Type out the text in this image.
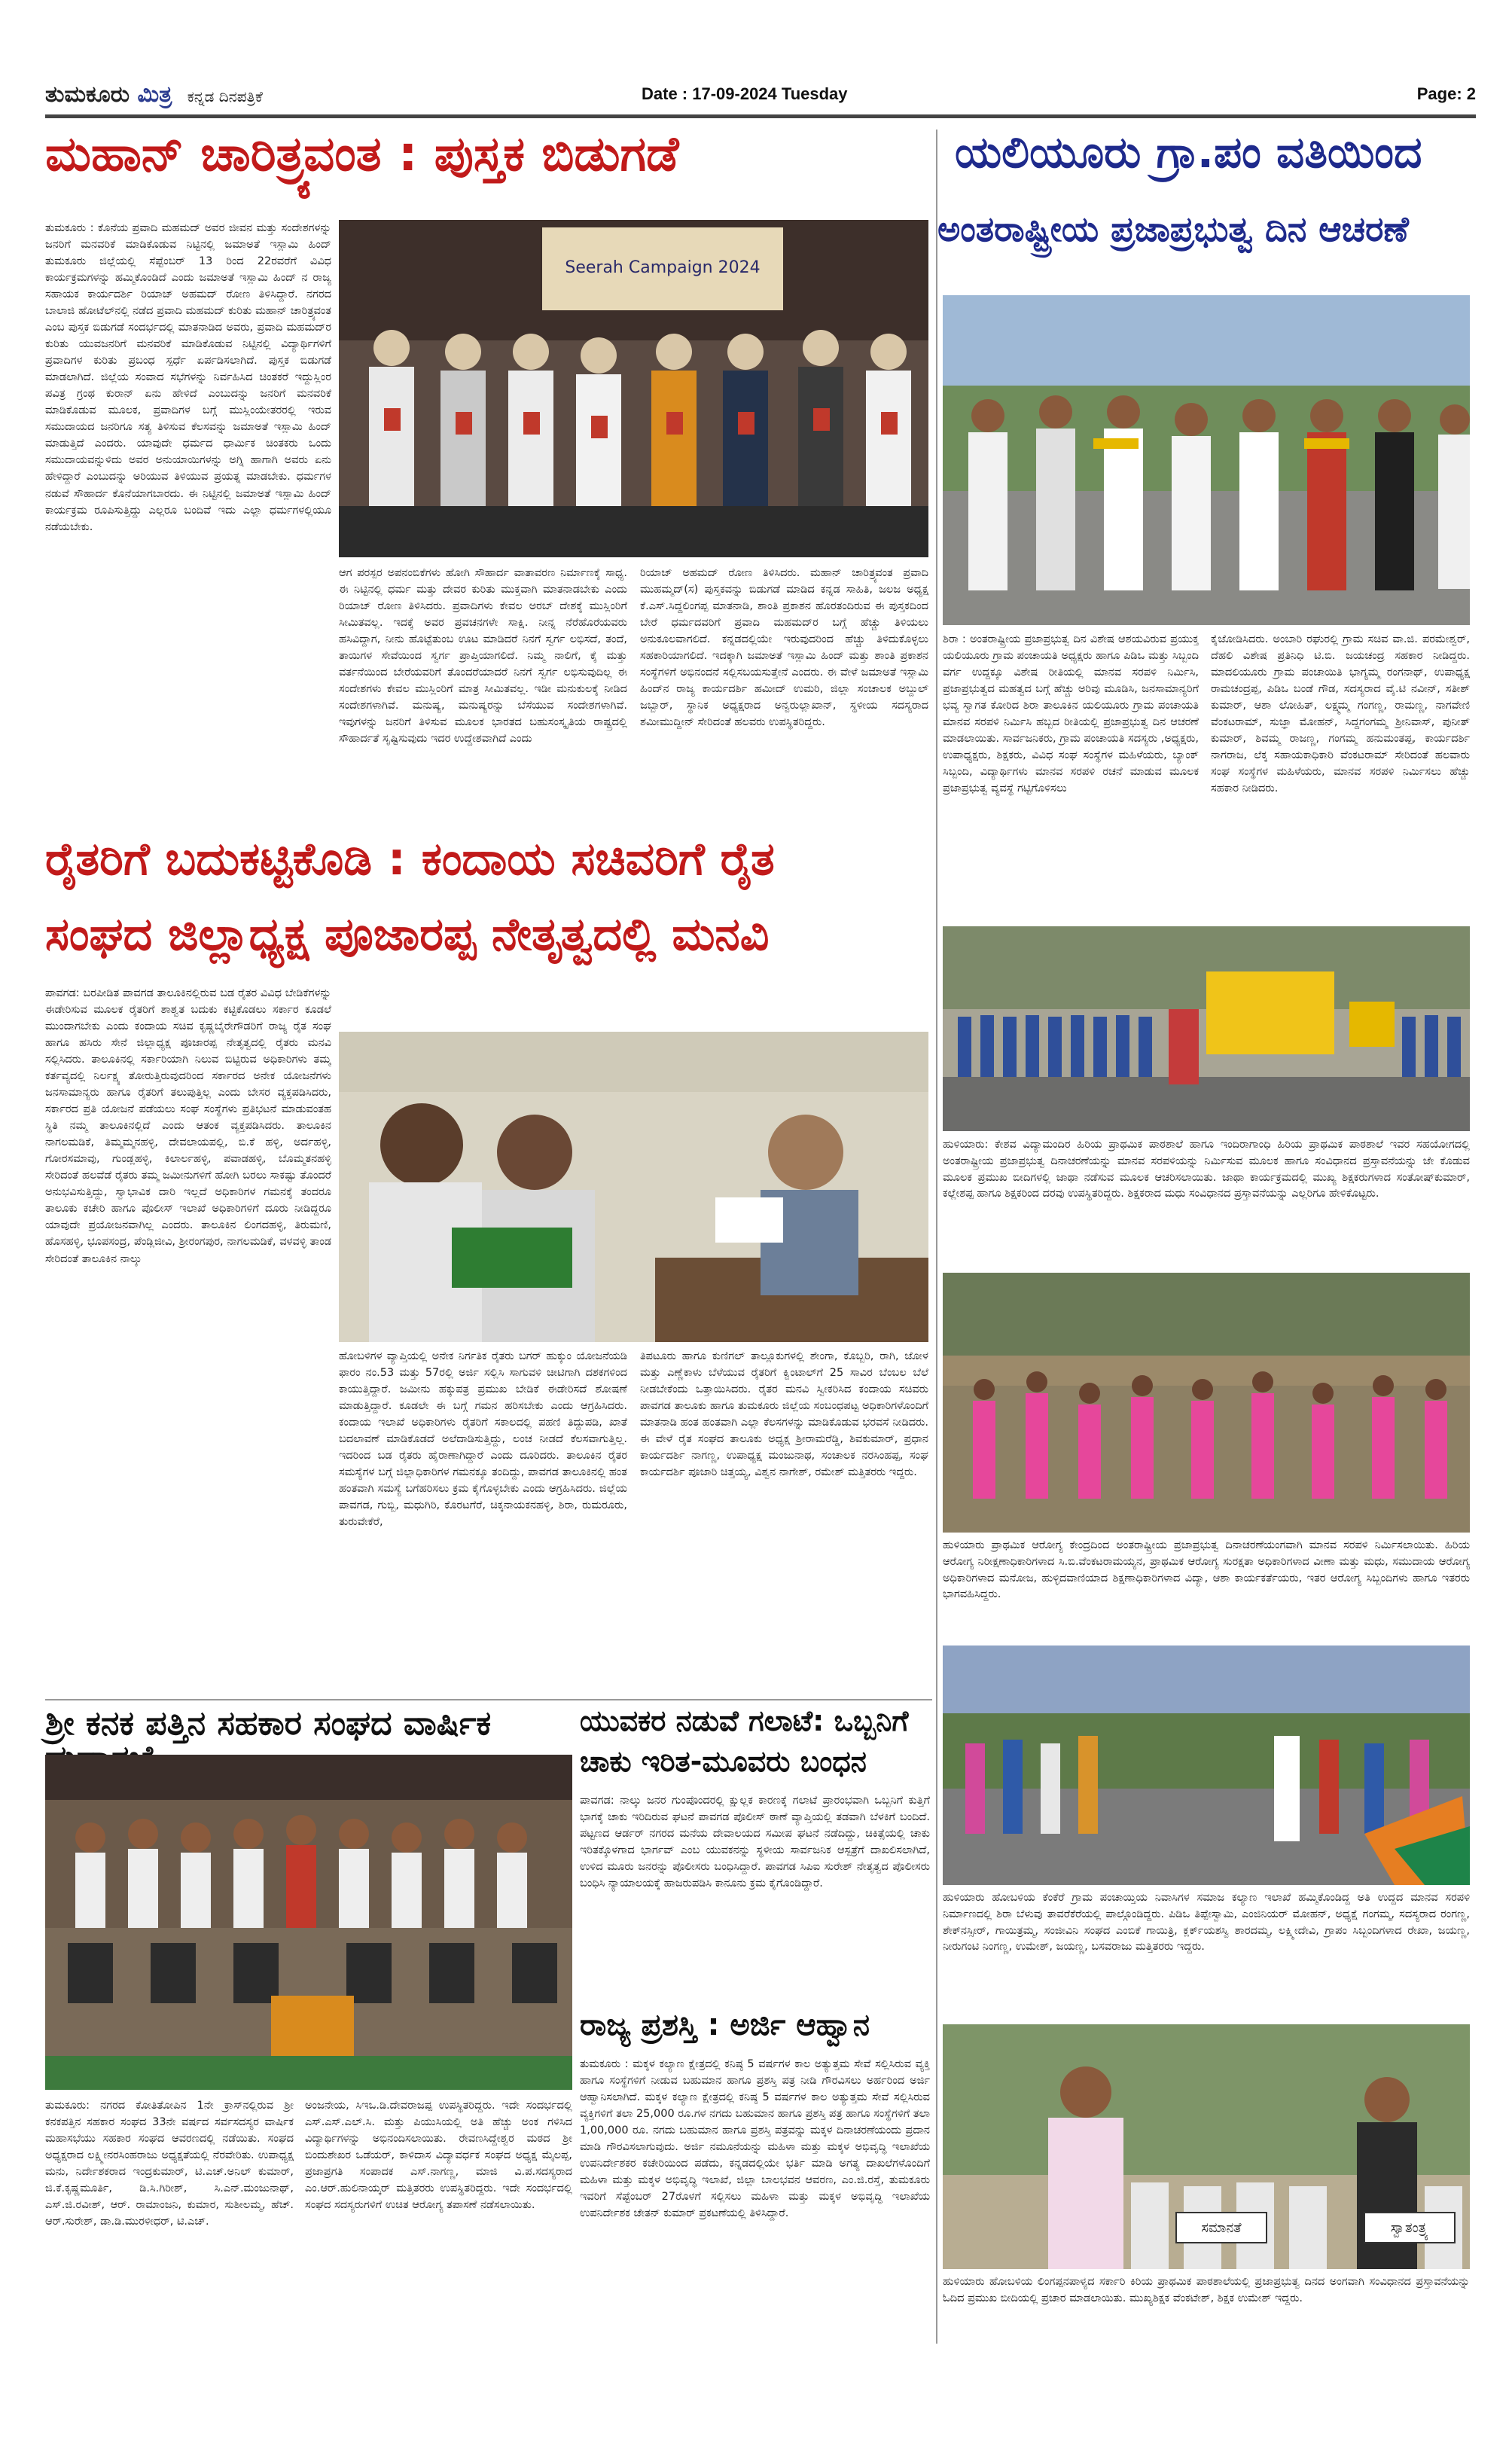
ತುಮಕೂರು ಮಿತ್ರ ಕನ್ನಡ ದಿನಪತ್ರಿಕೆ	Date : 17-09-2024 Tuesday	Page: 2
ಮಹಾನ್ ಚಾರಿತ್ರ್ಯವಂತ : ಪುಸ್ತಕ ಬಿಡುಗಡೆ
ತುಮಕೂರು : ಕೊನೆಯ ಪ್ರವಾದಿ ಮಹಮದ್ ಅವರ ಜೀವನ ಮತ್ತು ಸಂದೇಶಗಳನ್ನು ಜನರಿಗೆ ಮನವರಿಕೆ ಮಾಡಿಕೊಡುವ ನಿಟ್ಟಿನಲ್ಲಿ ಜಮಾಅತೆ ಇಸ್ಲಾಮಿ ಹಿಂದ್ ತುಮಕೂರು ಜಿಲ್ಲೆಯಲ್ಲಿ ಸೆಪ್ಟೆಂಬರ್ 13 ರಿಂದ 22ರವರೆಗೆ ವಿವಿಧ ಕಾರ್ಯಕ್ರಮಗಳನ್ನು ಹಮ್ಮಿಕೊಂಡಿದೆ ಎಂದು ಜಮಾಅತೆ ಇಸ್ಲಾಮಿ ಹಿಂದ್ ನ ರಾಜ್ಯ ಸಹಾಯಕ ಕಾರ್ಯದರ್ಶಿ ರಿಯಾಜ್ ಅಹಮದ್ ರೋಣ ತಿಳಿಸಿದ್ದಾರೆ. ನಗರದ ಬಾಲಾಜಿ ಹೋಟೆಲ್‌ನಲ್ಲಿ ನಡೆದ ಪ್ರವಾದಿ ಮಹಮದ್ ಕುರಿತು ಮಹಾನ್ ಚಾರಿತ್ರ್ಯವಂತ ಎಂಬ ಪುಸ್ತಕ ಬಿಡುಗಡೆ ಸಂದರ್ಭದಲ್ಲಿ ಮಾತನಾಡಿದ ಅವರು, ಪ್ರವಾದಿ ಮಹಮದ್‌ರ ಕುರಿತು ಯುವಜನರಿಗೆ ಮನವರಿಕೆ ಮಾಡಿಕೊಡುವ ನಿಟ್ಟಿನಲ್ಲಿ ವಿದ್ಯಾರ್ಥಿಗಳಿಗೆ ಪ್ರವಾದಿಗಳ ಕುರಿತು ಪ್ರಬಂಧ ಸ್ಪರ್ಧೆ ಏರ್ಪಡಿಸಲಾಗಿದೆ. ಪುಸ್ತಕ ಬಿಡುಗಡೆ ಮಾಡಲಾಗಿದೆ. ಜಿಲ್ಲೆಯ ಸಂವಾದ ಸಭೆಗಳನ್ನು ನಿರ್ವಹಿಸಿದ ಚಿಂತಕರೆ ಇದ್ದುಸ್ಲಿಂರ ಪವಿತ್ರ ಗ್ರಂಥ ಕುರಾನ್ ಏನು ಹೇಳಿದೆ ಎಂಬುದನ್ನು ಜನರಿಗೆ ಮನವರಿಕೆ ಮಾಡಿಕೊಡುವ ಮೂಲಕ, ಪ್ರವಾದಿಗಳ ಬಗ್ಗೆ ಮುಸ್ಲಿಂಯೇತರರಲ್ಲಿ ಇರುವ ಸಮುದಾಯದ ಜನರಿಗೂ ಸತ್ಯ ತಿಳಿಸುವ ಕೆಲಸವನ್ನು ಜಮಾಅತೆ ಇಸ್ಲಾಮಿ ಹಿಂದ್ ಮಾಡುತ್ತಿದೆ ಎಂದರು. ಯಾವುದೇ ಧರ್ಮದ ಧಾರ್ಮಿಕ ಚಿಂತಕರು ಒಂದು ಸಮುದಾಯವನ್ನುಳಿದು ಅವರ ಅನುಯಾಯಿಗಳನ್ನು ಅಗ್ನಿ ಹಾಗಾಗಿ ಅವರು ಏನು ಹೇಳಿದ್ದಾರೆ ಎಂಬುದನ್ನು ಅರಿಯುವ ತಿಳಿಯುವ ಪ್ರಯತ್ನ ಮಾಡಬೇಕು. ಧರ್ಮಗಳ ನಡುವೆ ಸೌಹಾರ್ದ ಕೊನೆಯಾಗಬಾರದು. ಈ ನಿಟ್ಟಿನಲ್ಲಿ ಜಮಾಅತೆ ಇಸ್ಲಾಮಿ ಹಿಂದ್ ಕಾರ್ಯಕ್ರಮ ರೂಪಿಸುತ್ತಿದ್ದು ಎಲ್ಲರೂ ಬಂದಿವೆ ಇದು ಎಲ್ಲಾ ಧರ್ಮಗಳಲ್ಲಿಯೂ ನಡೆಯಬೇಕು.
Seerah Campaign 2024
ಆಗ ಪರಸ್ಪರ ಅಪನಂಬಿಕೆಗಳು ಹೋಗಿ ಸೌಹಾರ್ದ ವಾತಾವರಣ ನಿರ್ಮಾಣಕ್ಕೆ ಸಾಧ್ಯ. ಈ ನಿಟ್ಟಿನಲ್ಲಿ ಧರ್ಮ ಮತ್ತು ದೇವರ ಕುರಿತು ಮುಕ್ತವಾಗಿ ಮಾತನಾಡಬೇಕು ಎಂದು ರಿಯಾಜ್ ರೋಣ ತಿಳಿಸಿದರು. ಪ್ರವಾದಿಗಳು ಕೇವಲ ಅರಬ್ ದೇಶಕ್ಕೆ ಮುಸ್ಲಿಂರಿಗೆ ಸೀಮಿತವಲ್ಲ. ಇದಕ್ಕೆ ಅವರ ಪ್ರವಚನಗಳೇ ಸಾಕ್ಷಿ. ನೀನ್ನ ನೆರೆಹೊರೆಯವರು ಹಸಿವಿದ್ದಾಗ, ನೀನು ಹೊಟ್ಟೆತುಂಬ ಊಟ ಮಾಡಿದರೆ ನಿನಗೆ ಸ್ವರ್ಗ ಲಭಿಸದೆ, ತಂದೆ, ತಾಯಿಗಳ ಸೇವೆಯಿಂದ ಸ್ವರ್ಗ ಪ್ರಾಪ್ತಿಯಾಗಲಿದೆ. ನಿಮ್ಮ ನಾಲಿಗೆ, ಕೈ ಮತ್ತು ವರ್ತನೆಯಿಂದ ಬೇರೆಯವರಿಗೆ ತೊಂದರೆಯಾದರೆ ನಿನಗೆ ಸ್ವರ್ಗ ಲಭಿಸುವುದಿಲ್ಲ ಈ ಸಂದೇಶಗಳು ಕೇವಲ ಮುಸ್ಲಿಂರಿಗೆ ಮಾತ್ರ ಸೀಮಿತವಲ್ಲ. ಇಡೀ ಮನುಕುಲಕ್ಕೆ ನೀಡಿದ ಸಂದೇಶಗಳಾಗಿವೆ. ಮನುಷ್ಯ, ಮನುಷ್ಯರನ್ನು ಬೆಸೆಯುವ ಸಂದೇಶಗಳಾಗಿವೆ. ಇವುಗಳನ್ನು ಜನರಿಗೆ ತಿಳಿಸುವ ಮೂಲಕ ಭಾರತದ ಬಹುಸಂಸ್ಕೃತಿಯ ರಾಷ್ಟ್ರದಲ್ಲಿ ಸೌಹಾರ್ದತೆ ಸೃಷ್ಟಿಸುವುದು ಇದರ ಉದ್ದೇಶವಾಗಿದೆ ಎಂದು
ರಿಯಾಜ್ ಅಹಮದ್ ರೋಣ ತಿಳಿಸಿದರು. ಮಹಾನ್ ಚಾರಿತ್ರ್ಯವಂತ ಪ್ರವಾದಿ ಮುಹಮ್ಮದ್(ಸ) ಪುಸ್ತಕವನ್ನು ಬಿಡುಗಡೆ ಮಾಡಿದ ಕನ್ನಡ ಸಾಹಿತಿ, ಜಲಜ ಅಧ್ಯಕ್ಷ ಕೆ.ಎಸ್.ಸಿದ್ದಲಿಂಗಪ್ಪ ಮಾತನಾಡಿ, ಶಾಂತಿ ಪ್ರಕಾಶನ ಹೊರತಂದಿರುವ ಈ ಪುಸ್ತಕದಿಂದ ಬೇರೆ ಧರ್ಮದವರಿಗೆ ಪ್ರವಾದಿ ಮಹಮದ್‌ರ ಬಗ್ಗೆ ಹೆಚ್ಚು ತಿಳಿಯಲು ಅನುಕೂಲವಾಗಲಿದೆ. ಕನ್ನಡದಲ್ಲಿಯೇ ಇರುವುದರಿಂದ ಹೆಚ್ಚು ತಿಳಿದುಕೊಳ್ಳಲು ಸಹಕಾರಿಯಾಗಲಿದೆ. ಇದಕ್ಕಾಗಿ ಜಮಾಅತೆ ಇಸ್ಲಾಮಿ ಹಿಂದ್ ಮತ್ತು ಶಾಂತಿ ಪ್ರಕಾಶನ ಸಂಸ್ಥೆಗಳಿಗೆ ಅಭಿನಂದನೆ ಸಲ್ಲಿಸಬಯಸುತ್ತೇನೆ ಎಂದರು. ಈ ವೇಳೆ ಜಮಾಅತೆ ಇಸ್ಲಾಮಿ ಹಿಂದ್‌ನ ರಾಜ್ಯ ಕಾರ್ಯದರ್ಶಿ ಹಮೀದ್ ಉಮರಿ, ಜಿಲ್ಲಾ ಸಂಚಾಲಕ ಅಬ್ದುಲ್ ಜಬ್ಬಾರ್, ಸ್ಥಾನಿಕ ಅಧ್ಯಕ್ಷರಾದ ಅನ್ವರುಲ್ಲಾಖಾನ್, ಸ್ಥಳೀಯ ಸದಸ್ಯರಾದ ಶಮೀಮುದ್ದೀನ್ ಸೇರಿದಂತೆ ಹಲವರು ಉಪಸ್ಥಿತರಿದ್ದರು.
ಯಲಿಯೂರು ಗ್ರಾ.ಪಂ ವತಿಯಿಂದ
ಅಂತರಾಷ್ಟ್ರೀಯ ಪ್ರಜಾಪ್ರಭುತ್ವ ದಿನ ಆಚರಣೆ
ಶಿರಾ : ಅಂತರಾಷ್ಟ್ರೀಯ ಪ್ರಜಾಪ್ರಭುತ್ವ ದಿನ ವಿಶೇಷ ಆಶಯವಿರುವ ಪ್ರಯುಕ್ತ ಯಲಿಯೂರು ಗ್ರಾಮ ಪಂಚಾಯತಿ ಅಧ್ಯಕ್ಷರು ಹಾಗೂ ಪಿಡಿಒ ಮತ್ತು ಸಿಬ್ಬಂದಿ ವರ್ಗ ಉದ್ದಕ್ಕೂ ವಿಶೇಷ ರೀತಿಯಲ್ಲಿ ಮಾನವ ಸರಪಳಿ ನಿರ್ಮಿಸಿ, ಪ್ರಜಾಪ್ರಭುತ್ವದ ಮಹತ್ವದ ಬಗ್ಗೆ ಹೆಚ್ಚು ಅರಿವು ಮೂಡಿಸಿ, ಜನಸಾಮಾನ್ಯರಿಗೆ ಭವ್ಯ ಸ್ವಾಗತ ಕೋರಿದ ಶಿರಾ ತಾಲೂಕಿನ ಯಲಿಯೂರು ಗ್ರಾಮ ಪಂಚಾಯತಿ ಮಾನವ ಸರಪಳಿ ನಿರ್ಮಿಸಿ ಹಬ್ಬದ ರೀತಿಯಲ್ಲಿ ಪ್ರಜಾಪ್ರಭುತ್ವ ದಿನ ಆಚರಣೆ ಮಾಡಲಾಯಿತು. ಸಾರ್ವಜನಿಕರು, ಗ್ರಾಮ ಪಂಚಾಯತಿ ಸದಸ್ಯರು ,ಅಧ್ಯಕ್ಷರು, ಉಪಾಧ್ಯಕ್ಷರು, ಶಿಕ್ಷಕರು, ವಿವಿಧ ಸಂಘ ಸಂಸ್ಥೆಗಳ ಮಹಿಳೆಯರು, ಬ್ಯಾಂಕ್ ಸಿಬ್ಬಂದಿ, ವಿದ್ಯಾರ್ಥಿಗಳು ಮಾನವ ಸರಪಳಿ ರಚನೆ ಮಾಡುವ ಮೂಲಕ ಪ್ರಜಾಪ್ರಭುತ್ವ ವ್ಯವಸ್ಥೆ ಗಟ್ಟಿಗೊಳಿಸಲು
ಕೈಜೋಡಿಸಿದರು. ಅಂಬಾರಿ ರಘುರಲ್ಲಿ ಗ್ರಾಮ ಸಚಿವ ವಾ.ಜಿ. ಪರಮೇಶ್ವರ್, ದೆಹಲಿ ವಿಶೇಷ ಪ್ರತಿನಿಧಿ ಟಿ.ಬಿ. ಜಯಚಂದ್ರ ಸಹಕಾರ ನೀಡಿದ್ದರು. ಮಾದಲಿಯೂರು ಗ್ರಾಮ ಪಂಚಾಯಿತಿ ಭಾಗ್ಯಮ್ಮ ರಂಗನಾಥ್, ಉಪಾಧ್ಯಕ್ಷ ರಾಮಚಂದ್ರಪ್ಪ, ಪಿಡಿಒ ಬಂಡೆ ಗೌಡ, ಸದಸ್ಯರಾದ ವೈ.ಟಿ ನವೀನ್, ಸತೀಶ್ ಕುಮಾರ್, ಆಶಾ ಲೋಹಿತ್, ಲಕ್ಷ್ಮಮ್ಮ ಗಂಗಣ್ಣ, ರಾಮಣ್ಣ, ನಾಗವೇಣಿ ವೆಂಕಟರಾಮ್, ಸುಜ್ಞಾ ಮೋಹನ್, ಸಿದ್ದಗಂಗಮ್ಮ ಶ್ರೀನಿವಾಸ್, ಪುನೀತ್ ಕುಮಾರ್, ಶಿವಮ್ಮ ರಾಜಣ್ಣ, ಗಂಗಮ್ಮ ಹನುಮಂತಪ್ಪ, ಕಾರ್ಯದರ್ಶಿ ನಾಗರಾಜ, ಲೆಕ್ಕ ಸಹಾಯಕಾಧಿಕಾರಿ ವೆಂಕಟರಾಮ್ ಸೇರಿದಂತೆ ಹಲವಾರು ಸಂಘ ಸಂಸ್ಥೆಗಳ ಮಹಿಳೆಯರು, ಮಾನವ ಸರಪಳಿ ನಿರ್ಮಿಸಲು ಹೆಚ್ಚು ಸಹಕಾರ ನೀಡಿದರು.
ಹುಳಿಯಾರು: ಕೇಶವ ವಿದ್ಯಾಮಂದಿರ ಹಿರಿಯ ಪ್ರಾಥಮಿಕ ಪಾಠಶಾಲೆ ಹಾಗೂ ಇಂದಿರಾಗಾಂಧಿ ಹಿರಿಯ ಪ್ರಾಥಮಿಕ ಪಾಠಶಾಲೆ ಇವರ ಸಹಯೋಗದಲ್ಲಿ ಅಂತರಾಷ್ಟ್ರೀಯ ಪ್ರಜಾಪ್ರಭುತ್ವ ದಿನಾಚರಣೆಯನ್ನು ಮಾನವ ಸರಪಳಿಯನ್ನು ನಿರ್ಮಿಸುವ ಮೂಲಕ ಹಾಗೂ ಸಂವಿಧಾನದ ಪ್ರಸ್ತಾವನೆಯನ್ನು ಜೇ ಕೊಡುವ ಮೂಲಕ ಪ್ರಮುಖ ಬೀದಿಗಳಲ್ಲಿ ಜಾಥಾ ನಡೆಸುವ ಮೂಲಕ ಆಚರಿಸಲಾಯಿತು. ಜಾಥಾ ಕಾರ್ಯಕ್ರಮದಲ್ಲಿ ಮುಖ್ಯ ಶಿಕ್ಷಕರುಗಳಾದ ಸಂತೋಷ್‌ಕುಮಾರ್, ಕಲ್ಲೇಶಪ್ಪ ಹಾಗೂ ಶಿಕ್ಷಕರಿಂದ ದರವು ಉಪಸ್ಥಿತರಿದ್ದರು. ಶಿಕ್ಷಕರಾದ ಮಧು ಸಂವಿಧಾನದ ಪ್ರಸ್ತಾವನೆಯನ್ನು ಎಲ್ಲರಿಗೂ ಹೇಳಿಕೊಟ್ಟರು.
ಹುಳಿಯಾರು ಪ್ರಾಥಮಿಕ ಆರೋಗ್ಯ ಕೇಂದ್ರದಿಂದ ಅಂತರಾಷ್ಟ್ರೀಯ ಪ್ರಜಾಪ್ರಭುತ್ವ ದಿನಾಚರಣೆಯಂಗವಾಗಿ ಮಾನವ ಸರಪಳಿ ನಿರ್ಮಿಸಲಾಯಿತು. ಹಿರಿಯ ಆರೋಗ್ಯ ನಿರೀಕ್ಷಣಾಧಿಕಾರಿಗಳಾದ ಸಿ.ಬಿ.ವೆಂಕಟರಾಮಯ್ಯನ, ಪ್ರಾಥಮಿಕ ಆರೋಗ್ಯ ಸುರಕ್ಷತಾ ಅಧಿಕಾರಿಗಳಾದ ವೀಣಾ ಮತ್ತು ಮಧು, ಸಮುದಾಯ ಆರೋಗ್ಯ ಅಧಿಕಾರಿಗಳಾದ ಮನೋಜ, ಹುಳ್ಳಿದವಾಣಿಯಾದ ಶಿಕ್ಷಣಾಧಿಕಾರಿಗಳಾದ ವಿದ್ಯಾ, ಆಶಾ ಕಾರ್ಯಕರ್ತೆಯರು, ಇತರ ಆರೋಗ್ಯ ಸಿಬ್ಬಂದಿಗಳು ಹಾಗೂ ಇತರರು ಭಾಗವಹಿಸಿದ್ದರು.
ಹುಳಿಯಾರು ಹೋಬಳಿಯ ಕೆಂಕೆರೆ ಗ್ರಾಮ ಪಂಚಾಯ್ತಿಯ ನಿವಾಸಿಗಳ ಸಮಾಜ ಕಲ್ಯಾಣ ಇಲಾಖೆ ಹಮ್ಮಿಕೊಂಡಿದ್ದ ಅತಿ ಉದ್ದದ ಮಾನವ ಸರಪಳಿ ನಿರ್ಮಾಣದಲ್ಲಿ ಶಿರಾ ಬೆಳುವು ತಾವರೆಕೆರೆಯಲ್ಲಿ ಪಾಲ್ಗೊಂಡಿದ್ದರು. ಪಿಡಿಒ ತಿಪ್ಪೇಸ್ವಾಮಿ, ಎಂಜಿನಿಯರ್ ಮೋಹನ್, ಅಧ್ಯಕ್ಷೆ ಗಂಗಮ್ಮ, ಸದಸ್ಯರಾದ ರಂಗಣ್ಣ, ಶೇಕ್‌ನಸ್ಸೀರ್, ಗಾಯಿತ್ರಮ್ಮ, ಸಂಜೀವಿನಿ ಸಂಘದ ಎಂಬಿಕೆ ಗಾಯಿತ್ರಿ, ಕ್ಲರ್ಕ್‌ಯಶಸ್ವಿ ಶಾರದಮ್ಮ, ಲಕ್ಷ್ಮೀದೇವಿ, ಗ್ರಾಪಂ ಸಿಬ್ಬಂದಿಗಳಾದ ರೇಖಾ, ಜಯಣ್ಣ, ನೀರುಗಂಟಿ ನಿಂಗಣ್ಣ, ಉಮೇಶ್, ಜಯಣ್ಣ, ಬಸವರಾಜು ಮತ್ತಿತರರು ಇದ್ದರು.
ಸಮಾನತೆ	ಸ್ವಾತಂತ್ರ್ಯ
ಹುಳಿಯಾರು ಹೋಬಳಿಯ ಲಿಂಗಪ್ಪನಪಾಳ್ಯದ ಸರ್ಕಾರಿ ಕಿರಿಯ ಪ್ರಾಥಮಿಕ ಪಾಠಶಾಲೆಯಲ್ಲಿ ಪ್ರಜಾಪ್ರಭುತ್ವ ದಿನದ ಅಂಗವಾಗಿ ಸಂವಿಧಾನದ ಪ್ರಸ್ತಾವನೆಯನ್ನು ಓದಿದ ಪ್ರಮುಖ ಬೀದಿಯಲ್ಲಿ ಪ್ರಚಾರ ಮಾಡಲಾಯಿತು. ಮುಖ್ಯಶಿಕ್ಷಕ ವೆಂಕಟೇಶ್, ಶಿಕ್ಷಕ ಉಮೇಶ್ ಇದ್ದರು.
ರೈತರಿಗೆ ಬದುಕಟ್ಟಿಕೊಡಿ : ಕಂದಾಯ ಸಚಿವರಿಗೆ ರೈತ
ಸಂಘದ ಜಿಲ್ಲಾಧ್ಯಕ್ಷ ಪೂಜಾರಪ್ಪ ನೇತೃತ್ವದಲ್ಲಿ ಮನವಿ
ಪಾವಗಡ: ಬರಪೀಡಿತ ಪಾವಗಡ ತಾಲೂಕಿನಲ್ಲಿರುವ ಬಡ ರೈತರ ವಿವಿಧ ಬೇಡಿಕೆಗಳನ್ನು ಈಡೇರಿಸುವ ಮೂಲಕ ರೈತರಿಗೆ ಶಾಶ್ವತ ಬದುಕು ಕಟ್ಟಿಕೊಡಲು ಸರ್ಕಾರ ಕೂಡಲೆ ಮುಂದಾಗಬೇಕು ಎಂದು ಕಂದಾಯ ಸಚಿವ ಕೃಷ್ಣಬೈರೇಗೌಡರಿಗೆ ರಾಜ್ಯ ರೈತ ಸಂಘ ಹಾಗೂ ಹಸಿರು ಸೇನೆ ಜಿಲ್ಲಾಧ್ಯಕ್ಷ ಪೂಜಾರಪ್ಪ ನೇತೃತ್ವದಲ್ಲಿ ರೈತರು ಮನವಿ ಸಲ್ಲಿಸಿದರು. ತಾಲೂಕಿನಲ್ಲಿ ಸರ್ಕಾರಿಯಾಗಿ ನಿಲುವ ಬಿಟ್ಟಿರುವ ಅಧಿಕಾರಿಗಳು ತಮ್ಮ ಕರ್ತವ್ಯದಲ್ಲಿ ನಿರ್ಲಕ್ಷ್ಯ ತೋರುತ್ತಿರುವುದರಿಂದ ಸರ್ಕಾರದ ಅನೇಕ ಯೋಜನೆಗಳು ಜನಸಾಮಾನ್ಯರು ಹಾಗೂ ರೈತರಿಗೆ ತಲುಪುತ್ತಿಲ್ಲ ಎಂದು ಬೇಸರ ವ್ಯಕ್ತಪಡಿಸಿದರು, ಸರ್ಕಾರದ ಪ್ರತಿ ಯೋಜನೆ ಪಡೆಯಲು ಸಂಘ ಸಂಸ್ಥೆಗಳು ಪ್ರತಿಭಟನೆ ಮಾಡುವಂತಹ ಸ್ಥಿತಿ ನಮ್ಮ ತಾಲೂಕಿನಲ್ಲಿದೆ ಎಂದು ಆತಂಕ ವ್ಯಕ್ತಪಡಿಸಿದರು. ತಾಲೂಕಿನ ನಾಗಲಮಡಿಕೆ, ತಿಮ್ಮಮ್ಮನಹಳ್ಳಿ, ದೇವಲಾಯಪಲ್ಲಿ, ಬಿ.ಕೆ ಹಳ್ಳಿ, ಅರ್ದಹಳ್ಳಿ, ಗೋರಸಮಾವು, ಗುಂಡ್ಲಹಳ್ಳಿ, ಕಿಲಾರ್ಲಹಳ್ಳಿ, ಪವಾಡಹಳ್ಳಿ, ಬೊಮ್ಮತನಹಳ್ಳಿ ಸೇರಿದಂತೆ ಹಲವೆಡೆ ರೈತರು ತಮ್ಮ ಜಮೀನುಗಳಿಗೆ ಹೋಗಿ ಬರಲು ಸಾಕಷ್ಟು ತೊಂದರೆ ಅನುಭವಿಸುತ್ತಿದ್ದು, ಸ್ವಾಭಾವಿಕ ದಾರಿ ಇಲ್ಲದೆ ಅಧಿಕಾರಿಗಳ ಗಮನಕ್ಕೆ ತಂದರೂ ತಾಲೂಕು ಕಚೇರಿ ಹಾಗೂ ಪೊಲೀಸ್ ಇಲಾಖೆ ಅಧಿಕಾರಿಗಳಿಗೆ ದೂರು ನೀಡಿದ್ದರೂ ಯಾವುದೇ ಪ್ರಯೋಜನವಾಗಿಲ್ಲ ಎಂದರು. ತಾಲೂಕಿನ ಲಿಂಗದಹಳ್ಳಿ, ತಿರುಮಣಿ, ಹೊಸಹಳ್ಳಿ, ಭೂಪಸಂದ್ರ, ಪೆಂಡ್ಲಿಜೀವಿ, ಶ್ರೀರಂಗಪುರ, ನಾಗಲಮಡಿಕೆ, ವಳವಳ್ಳಿ ತಾಂಡ ಸೇರಿದಂತೆ ತಾಲೂಕಿನ ನಾಲ್ಕು
ಹೋಬಳಿಗಳ ವ್ಯಾಪ್ತಿಯಲ್ಲಿ ಅನೇಕ ನಿರ್ಗತಿಕ ರೈತರು ಬಗರ್ ಹುಕ್ಕುಂ ಯೋಜನೆಯಡಿ ಫಾರಂ ನಂ.53 ಮತ್ತು 57ರಲ್ಲಿ ಅರ್ಜಿ ಸಲ್ಲಿಸಿ ಸಾಗುವಳಿ ಚೀಟಿಗಾಗಿ ದಶಕಗಳಿಂದ ಕಾಯುತ್ತಿದ್ದಾರೆ. ಜಮೀನು ಹಕ್ಕುಪತ್ರ ಪ್ರಮುಖ ಬೇಡಿಕೆ ಈಡೇರಿಸದೆ ಶೋಷಣೆ ಮಾಡುತ್ತಿದ್ದಾರೆ. ಕೂಡಲೇ ಈ ಬಗ್ಗೆ ಗಮನ ಹರಿಸಬೇಕು ಎಂದು ಆಗ್ರಹಿಸಿದರು. ಕಂದಾಯ ಇಲಾಖೆ ಅಧಿಕಾರಿಗಳು ರೈತರಿಗೆ ಸಕಾಲದಲ್ಲಿ ಪಹಣಿ ತಿದ್ದುಪಡಿ, ಖಾತೆ ಬದಲಾವಣೆ ಮಾಡಿಕೊಡದೆ ಅಲೆದಾಡಿಸುತ್ತಿದ್ದು, ಲಂಚ ನೀಡದೆ ಕೆಲಸವಾಗುತ್ತಿಲ್ಲ. ಇದರಿಂದ ಬಡ ರೈತರು ಹೈರಾಣಾಗಿದ್ದಾರೆ ಎಂದು ದೂರಿದರು. ತಾಲೂಕಿನ ರೈತರ ಸಮಸ್ಯೆಗಳ ಬಗ್ಗೆ ಜಿಲ್ಲಾಧಿಕಾರಿಗಳ ಗಮನಕ್ಕೂ ತಂದಿದ್ದು, ಪಾವಗಡ ತಾಲೂಕಿನಲ್ಲಿ ಹಂತ ಹಂತವಾಗಿ ಸಮಸ್ಯೆ ಬಗೆಹರಿಸಲು ಕ್ರಮ ಕೈಗೊಳ್ಳಬೇಕು ಎಂದು ಆಗ್ರಹಿಸಿದರು. ಜಿಲ್ಲೆಯ ಪಾವಗಡ, ಗುಬ್ಬಿ, ಮಧುಗಿರಿ, ಕೊರಟಗೆರೆ, ಚಿಕ್ಕನಾಯಕನಹಳ್ಳಿ, ಶಿರಾ, ರುಮರೂರು, ತುರುವೇಕೆರೆ,
ತಿಪಟೂರು ಹಾಗೂ ಕುಣಿಗಲ್ ತಾಲ್ಲೂಕುಗಳಲ್ಲಿ ಶೇಂಗಾ, ಕೊಬ್ಬರಿ, ರಾಗಿ, ಜೋಳ ಮತ್ತು ಎಣ್ಣೆಕಾಳು ಬೆಳೆಯುವ ರೈತರಿಗೆ ಕ್ವಿಂಟಾಲ್‌ಗೆ 25 ಸಾವಿರ ಬೆಂಬಲ ಬೆಲೆ ನೀಡಬೇಕೆಂದು ಒತ್ತಾಯಿಸಿದರು. ರೈತರ ಮನವಿ ಸ್ವೀಕರಿಸಿದ ಕಂದಾಯ ಸಚಿವರು ಪಾವಗಡ ತಾಲೂಕು ಹಾಗೂ ತುಮಕೂರು ಜಿಲ್ಲೆಯ ಸಂಬಂಧಪಟ್ಟ ಅಧಿಕಾರಿಗಳೊಂದಿಗೆ ಮಾತನಾಡಿ ಹಂತ ಹಂತವಾಗಿ ಎಲ್ಲಾ ಕೆಲಸಗಳನ್ನು ಮಾಡಿಕೊಡುವ ಭರವಸೆ ನೀಡಿದರು. ಈ ವೇಳೆ ರೈತ ಸಂಘದ ತಾಲೂಕು ಅಧ್ಯಕ್ಷ ಶ್ರೀರಾಮರೆಡ್ಡಿ, ಶಿವಕುಮಾರ್, ಪ್ರಧಾನ ಕಾರ್ಯದರ್ಶಿ ನಾಗಣ್ಣ, ಉಪಾಧ್ಯಕ್ಷ ಮಂಜುನಾಥ, ಸಂಚಾಲಕ ನರಸಿಂಹಪ್ಪ, ಸಂಘ ಕಾರ್ಯದರ್ಶಿ ಪೂಜಾರಿ ಚಿತ್ತಯ್ಯ, ವಿಶ್ವನ ನಾಗೇಶ್, ರಮೇಶ್ ಮತ್ತಿತರರು ಇದ್ದರು.
ಶ್ರೀ ಕನಕ ಪತ್ತಿನ ಸಹಕಾರ ಸಂಘದ ವಾರ್ಷಿಕ
ತುಮಕೂರು: ನಗರದ ಕೋತಿತೋಪಿನ 1ನೇ ಕ್ರಾಸ್‌ನಲ್ಲಿರುವ ಶ್ರೀ ಕನಕಪತ್ತಿನ ಸಹಕಾರ ಸಂಘದ 33ನೇ ವರ್ಷದ ಸರ್ವಸದಸ್ಯರ ವಾರ್ಷಿಕ ಮಹಾಸಭೆಯು ಸಹಕಾರ ಸಂಘದ ಆವರಣದಲ್ಲಿ ನಡೆಯಿತು. ಸಂಘದ ಅಧ್ಯಕ್ಷರಾದ ಲಕ್ಷ್ಮೀನರಸಿಂಹರಾಜು ಅಧ್ಯಕ್ಷತೆಯಲ್ಲಿ ನೆರವೇರಿತು. ಉಪಾಧ್ಯಕ್ಷ ಮನು, ನಿರ್ದೇಶಕರಾದ ಇಂದ್ರಕುಮಾರ್, ಟಿ.ಎಚ್.ಅನಿಲ್ ಕುಮಾರ್, ಜಿ.ಕೆ.ಕೃಷ್ಣಮೂರ್ತಿ, ಡಿ.ಸಿ.ಗಿರೀಶ್, ಸಿ.ಎನ್.ಮಂಜುನಾಥ್, ಎಸ್.ಜಿ.ರವೀಶ್, ಆರ್. ರಾಮಾಂಜನಿ, ಕುಮಾರ, ಸುಶೀಲಮ್ಮ, ಹೆಚ್. ಆರ್.ಸುರೇಶ್, ಡಾ.ಡಿ.ಮುರಳೀಧರ್, ಟಿ.ಎಚ್.
ಅಂಜನೇಯ, ಸಿಇಒ.ಡಿ.ದೇವರಾಜಪ್ಪ ಉಪಸ್ಥಿತರಿದ್ದರು. ಇದೇ ಸಂದರ್ಭದಲ್ಲಿ ಎಸ್.ಎಸ್.ಎಲ್.ಸಿ. ಮತ್ತು ಪಿಯುಸಿಯಲ್ಲಿ ಅತಿ ಹೆಚ್ಚು ಅಂಕ ಗಳಿಸಿದ ವಿದ್ಯಾರ್ಥಿಗಳನ್ನು ಅಭಿನಂದಿಸಲಾಯಿತು. ರೇವಣಸಿದ್ದೇಶ್ವರ ಮಠದ ಶ್ರೀ ಬಿಂದುಶೇಖರ ಒಡೆಯರ್, ಕಾಳಿದಾಸ ವಿದ್ಯಾವರ್ಧಕ ಸಂಘದ ಅಧ್ಯಕ್ಷ ಮೈಲಪ್ಪ, ಪ್ರಜಾಪ್ರಗತಿ ಸಂಪಾದಕ ಎಸ್.ನಾಗಣ್ಣ, ಮಾಜಿ ವಿ.ಪ.ಸದಸ್ಯರಾದ ಎಂ.ಆರ್.ಹುಲಿನಾಯ್ಕರ್ ಮತ್ತಿತರರು ಉಪಸ್ಥಿತರಿದ್ದರು. ಇದೇ ಸಂದರ್ಭದಲ್ಲಿ ಸಂಘದ ಸದಸ್ಯರುಗಳಿಗೆ ಉಚಿತ ಆರೋಗ್ಯ ತಪಾಸಣೆ ನಡೆಸಲಾಯಿತು.
ಯುವಕರ ನಡುವೆ ಗಲಾಟೆ: ಒಬ್ಬನಿಗೆ
ಚಾಕು ಇರಿತ-ಮೂವರು ಬಂಧನ
ಪಾವಗಡ: ನಾಲ್ಕು ಜನರ ಗುಂಪೊಂದರಲ್ಲಿ ಕ್ಷುಲ್ಲಕ ಕಾರಣಕ್ಕೆ ಗಲಾಟೆ ಪ್ರಾರಂಭವಾಗಿ ಒಬ್ಬನಿಗೆ ಕುತ್ತಿಗೆ ಭಾಗಕ್ಕೆ ಚಾಕು ಇರಿದಿರುವ ಘಟನೆ ಪಾವಗಡ ಪೊಲೀಸ್ ಠಾಣೆ ವ್ಯಾಪ್ತಿಯಲ್ಲಿ ತಡವಾಗಿ ಬೆಳಕಿಗೆ ಬಂದಿದೆ. ಪಟ್ಟಣದ ಆರ್ಡರ್ ನಗರದ ಮನೆಯ ದೇವಾಲಯದ ಸಮೀಪ ಘಟನೆ ನಡೆದಿದ್ದು, ಚಿಕಿತ್ಸೆಯಲ್ಲಿ ಚಾಕು ಇರಿತಕ್ಕೊಳಗಾದ ಭಾರ್ಗವ್ ಎಂಬ ಯುವಕನನ್ನು ಸ್ಥಳೀಯ ಸಾರ್ವಜನಿಕ ಆಸ್ಪತ್ರೆಗೆ ದಾಖಲಿಸಲಾಗಿದೆ, ಉಳಿದ ಮೂರು ಜನರನ್ನು ಪೊಲೀಸರು ಬಂಧಿಸಿದ್ದಾರೆ. ಪಾವಗಡ ಸಿಪಿಐ ಸುರೇಶ್ ನೇತೃತ್ವದ ಪೊಲೀಸರು ಬಂಧಿಸಿ ನ್ಯಾಯಾಲಯಕ್ಕೆ ಹಾಜರುಪಡಿಸಿ ಕಾನೂನು ಕ್ರಮ ಕೈಗೊಂಡಿದ್ದಾರೆ.
ರಾಜ್ಯ ಪ್ರಶಸ್ತಿ : ಅರ್ಜಿ ಆಹ್ವಾನ
ತುಮಕೂರು : ಮಕ್ಕಳ ಕಲ್ಯಾಣ ಕ್ಷೇತ್ರದಲ್ಲಿ ಕನಿಷ್ಠ 5 ವರ್ಷಗಳ ಕಾಲ ಅತ್ಯುತ್ತಮ ಸೇವೆ ಸಲ್ಲಿಸಿರುವ ವ್ಯಕ್ತಿ ಹಾಗೂ ಸಂಸ್ಥೆಗಳಿಗೆ ನೀಡುವ ಬಹುಮಾನ ಹಾಗೂ ಪ್ರಶಸ್ತಿ ಪತ್ರ ನೀಡಿ ಗೌರವಿಸಲು ಅರ್ಹರಿಂದ ಅರ್ಜಿ ಆಹ್ವಾನಿಸಲಾಗಿದೆ. ಮಕ್ಕಳ ಕಲ್ಯಾಣ ಕ್ಷೇತ್ರದಲ್ಲಿ ಕನಿಷ್ಠ 5 ವರ್ಷಗಳ ಕಾಲ ಅತ್ಯುತ್ತಮ ಸೇವೆ ಸಲ್ಲಿಸಿರುವ ವ್ಯಕ್ತಿಗಳಿಗೆ ತಲಾ 25,000 ರೂ.ಗಳ ನಗದು ಬಹುಮಾನ ಹಾಗೂ ಪ್ರಶಸ್ತಿ ಪತ್ರ ಹಾಗೂ ಸಂಸ್ಥೆಗಳಿಗೆ ತಲಾ 1,00,000 ರೂ. ನಗದು ಬಹುಮಾನ ಹಾಗೂ ಪ್ರಶಸ್ತಿ ಪತ್ರವನ್ನು ಮಕ್ಕಳ ದಿನಾಚರಣೆಯಂದು ಪ್ರದಾನ ಮಾಡಿ ಗೌರವಿಸಲಾಗುವುದು. ಅರ್ಜಿ ನಮೂನೆಯನ್ನು ಮಹಿಳಾ ಮತ್ತು ಮಕ್ಕಳ ಅಭಿವೃದ್ಧಿ ಇಲಾಖೆಯ ಉಪನಿರ್ದೇಶಕರ ಕಚೇರಿಯಿಂದ ಪಡೆದು, ಕನ್ನಡದಲ್ಲಿಯೇ ಭರ್ತಿ ಮಾಡಿ ಅಗತ್ಯ ದಾಖಲೆಗಳೊಂದಿಗೆ ಮಹಿಳಾ ಮತ್ತು ಮಕ್ಕಳ ಅಭಿವೃದ್ಧಿ ಇಲಾಖೆ, ಜಿಲ್ಲಾ ಬಾಲಭವನ ಆವರಣ, ಎಂ.ಜಿ.ರಸ್ತೆ, ತುಮಕೂರು ಇವರಿಗೆ ಸೆಪ್ಟೆಂಬರ್ 27ರೊಳಗೆ ಸಲ್ಲಿಸಲು ಮಹಿಳಾ ಮತ್ತು ಮಕ್ಕಳ ಅಭಿವೃದ್ಧಿ ಇಲಾಖೆಯ ಉಪನಿರ್ದೇಶಕ ಚೇತನ್ ಕುಮಾರ್ ಪ್ರಕಟಣೆಯಲ್ಲಿ ತಿಳಿಸಿದ್ದಾರೆ.
